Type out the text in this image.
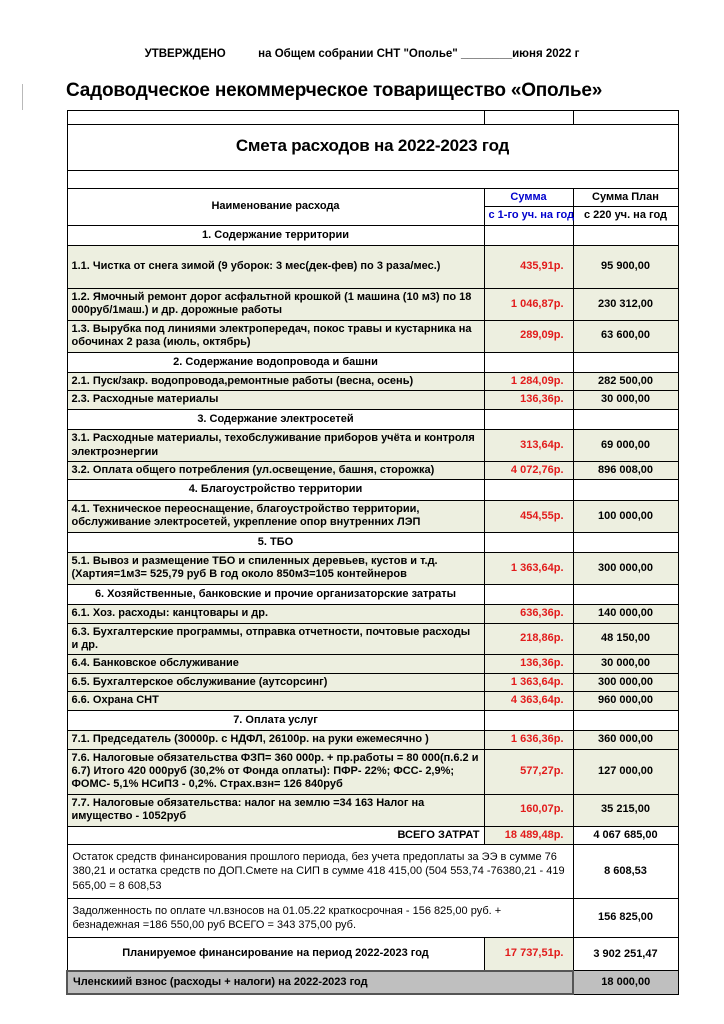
УТВЕРЖДЕНО	на Общем собрании СНТ "Ополье" ________июня 2022 г

Садоводческое некоммерческое товарищество «Ополье»

Смета расходов на 2022-2023 год		

Наименование расхода	Сумма	Сумма План
	с 1-го уч. на год	с 220 уч. на год
1. Содержание территории		
1.1. Чистка от снега зимой (9 уборок: 3 мес(дек-фев) по 3 раза/мес.)	435,91р.	95 900,00
1.2. Ямочный ремонт дорог асфальтной крошкой (1 машина (10 м3) по 18 000руб/1маш.) и др. дорожные работы	1 046,87р.	230 312,00
1.3. Вырубка под линиями электропередач, покос травы и кустарника на обочинах 2 раза (июль, октябрь)	289,09р.	63 600,00
2. Содержание водопровода и башни		
2.1. Пуск/закр. водопровода,ремонтные работы (весна, осень)	1 284,09р.	282 500,00
2.3. Расходные материалы	136,36р.	30 000,00
3. Содержание электросетей		
3.1. Расходные материалы, техобслуживание приборов учёта и контроля электроэнергии	313,64р.	69 000,00
3.2. Оплата общего потребления (ул.освещение, башня, сторожка)	4 072,76р.	896 008,00
4. Благоустройство территории		
4.1. Техническое переоснащение, благоустройство территории, обслуживание электросетей, укрепление опор внутренних ЛЭП	454,55р.	100 000,00
5. ТБО		
5.1. Вывоз и размещение ТБО и спиленных деревьев, кустов и т.д. (Хартия=1м3= 525,79 руб В год около 850м3=105 контейнеров	1 363,64р.	300 000,00
6. Хозяйственные, банковские и прочие организаторские затраты		
6.1. Хоз. расходы: канцтовары и др.	636,36р.	140 000,00
6.3. Бухгалтерские программы, отправка отчетности, почтовые расходы и др.	218,86р.	48 150,00
6.4. Банковское обслуживание	136,36р.	30 000,00
6.5. Бухгалтерское обслуживание (аутсорсинг)	1 363,64р.	300 000,00
6.6. Охрана СНТ	4 363,64р.	960 000,00
7. Оплата услуг		
7.1. Председатель (30000р. с НДФЛ, 26100р. на руки ежемесячно )	1 636,36р.	360 000,00
7.6. Налоговые обязательства ФЗП= 360 000р. + пр.работы = 80 000(п.6.2 и 6.7) Итого 420 000руб (30,2% от Фонда оплаты): ПФР- 22%; ФСС- 2,9%; ФОМС- 5,1% НСиПЗ - 0,2%. Страх.взн= 126 840руб	577,27р.	127 000,00
7.7. Налоговые обязательства: налог на землю =34 163 Налог на имущество - 1052руб	160,07р.	35 215,00
ВСЕГО ЗАТРАТ	18 489,48р.	4 067 685,00
Остаток средств финансирования прошлого периода, без учета предоплаты за ЭЭ в сумме 76 380,21 и остатка средств по ДОП.Смете на СИП в сумме 418 415,00 (504 553,74 -76380,21 - 419 565,00 = 8 608,53		8 608,53
Задолженность по оплате чл.взносов на 01.05.22 краткосрочная - 156 825,00 руб. + безнадежная =186 550,00 руб ВСЕГО = 343 375,00 руб.		156 825,00
Планируемое финансирование на период 2022-2023 год	17 737,51р.	3 902 251,47
Членскиий взнос (расходы + налоги) на 2022-2023 год		18 000,00
